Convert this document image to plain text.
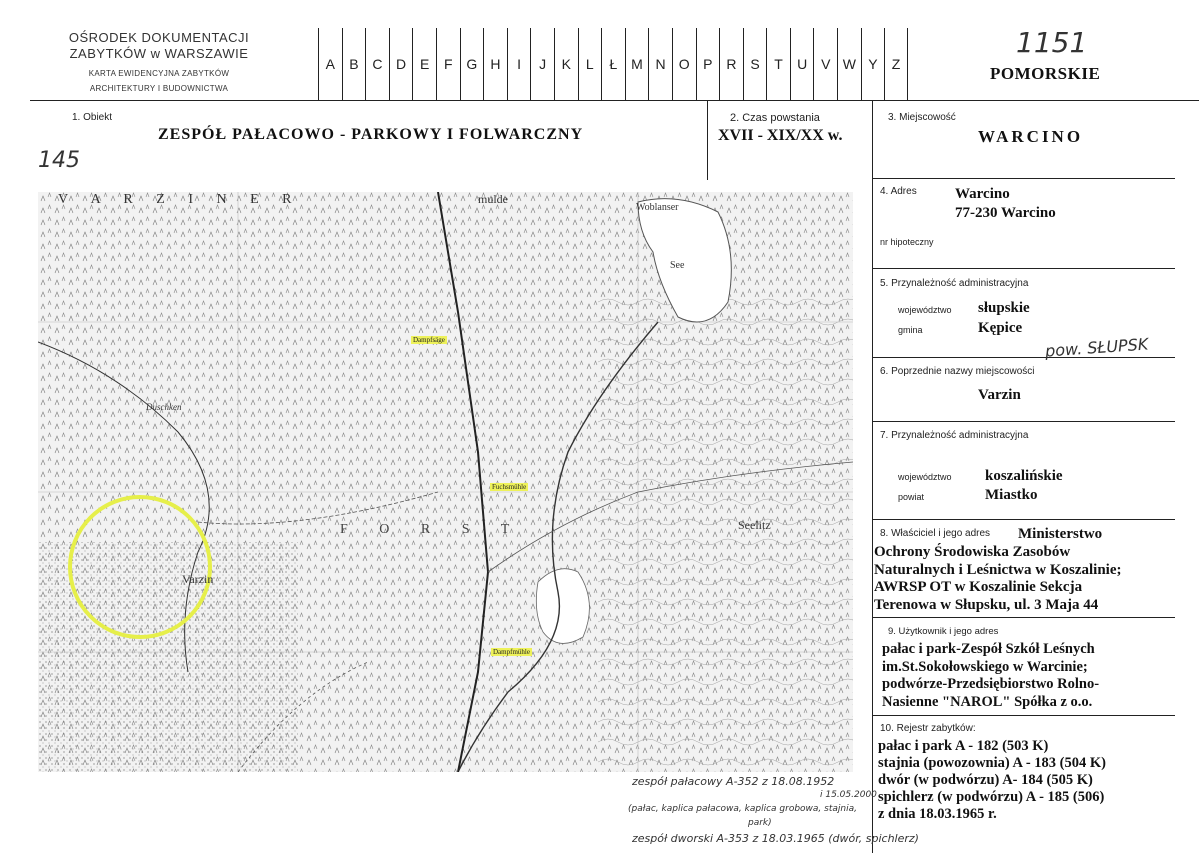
OŚRODEK DOKUMENTACJI
ZABYTKÓW w WARSZAWIE
KARTA EWIDENCYJNA ZABYTKÓW
ARCHITEKTURY I BUDOWNICTWA
A	B C D E	F G H	I	J	K	L	Ł M N O P R S	T	U V W Y	Z
1151
POMORSKIE
1. Obiekt
ZESPÓŁ PAŁACOWO - PARKOWY I FOLWARCZNY
145
2. Czas powstania
XVII - XIX/XX w.
3. Miejscowość
WARCINO
4. Adres	Warcino
77-230 Warcino
nr hipoteczny
5. Przynależność administracyjna
województwo słupskie
gmina	Kępice
pow. SŁUPSK
6. Poprzednie nazwy miejscowości
Varzin
7. Przynależność administracyjna
województwo koszalińskie
powiat	Miastko
8. Właściciel i jego adres Ministerstwo
Ochrony Środowiska Zasobów
Naturalnych i Leśnictwa w Koszalinie;
AWRSP OT w Koszalinie Sekcja
Terenowa w Słupsku, ul. 3 Maja 44
9. Użytkownik i jego adres
pałac i park-Zespół Szkół Leśnych
im.St.Sokołowskiego w Warcinie;
podwórze-Przedsiębiorstwo Rolno-
Nasienne "NAROL" Spółka z o.o.
10. Rejestr zabytków:
pałac i park A - 182 (503 K)
stajnia (powozownia) A - 183 (504 K)
dwór (w podwórzu) A- 184 (505 K)
spichlerz (w podwórzu) A - 185 (506)
z dnia 18.03.1965 r.
zespół pałacowy A-352 z 18.08.1952
i 15.05.2000
(pałac, kaplica pałacowa, kaplica grobowa, stajnia,
park)
zespół dworski A-353 z 18.03.1965 (dwór, spichlerz)
V A R Z I N E R	mulde
Woblanser
See
Duschken
Varzin
F O R S T	Seelitz
Dampfsäge
Fuchsmühle
Dampfmühle
